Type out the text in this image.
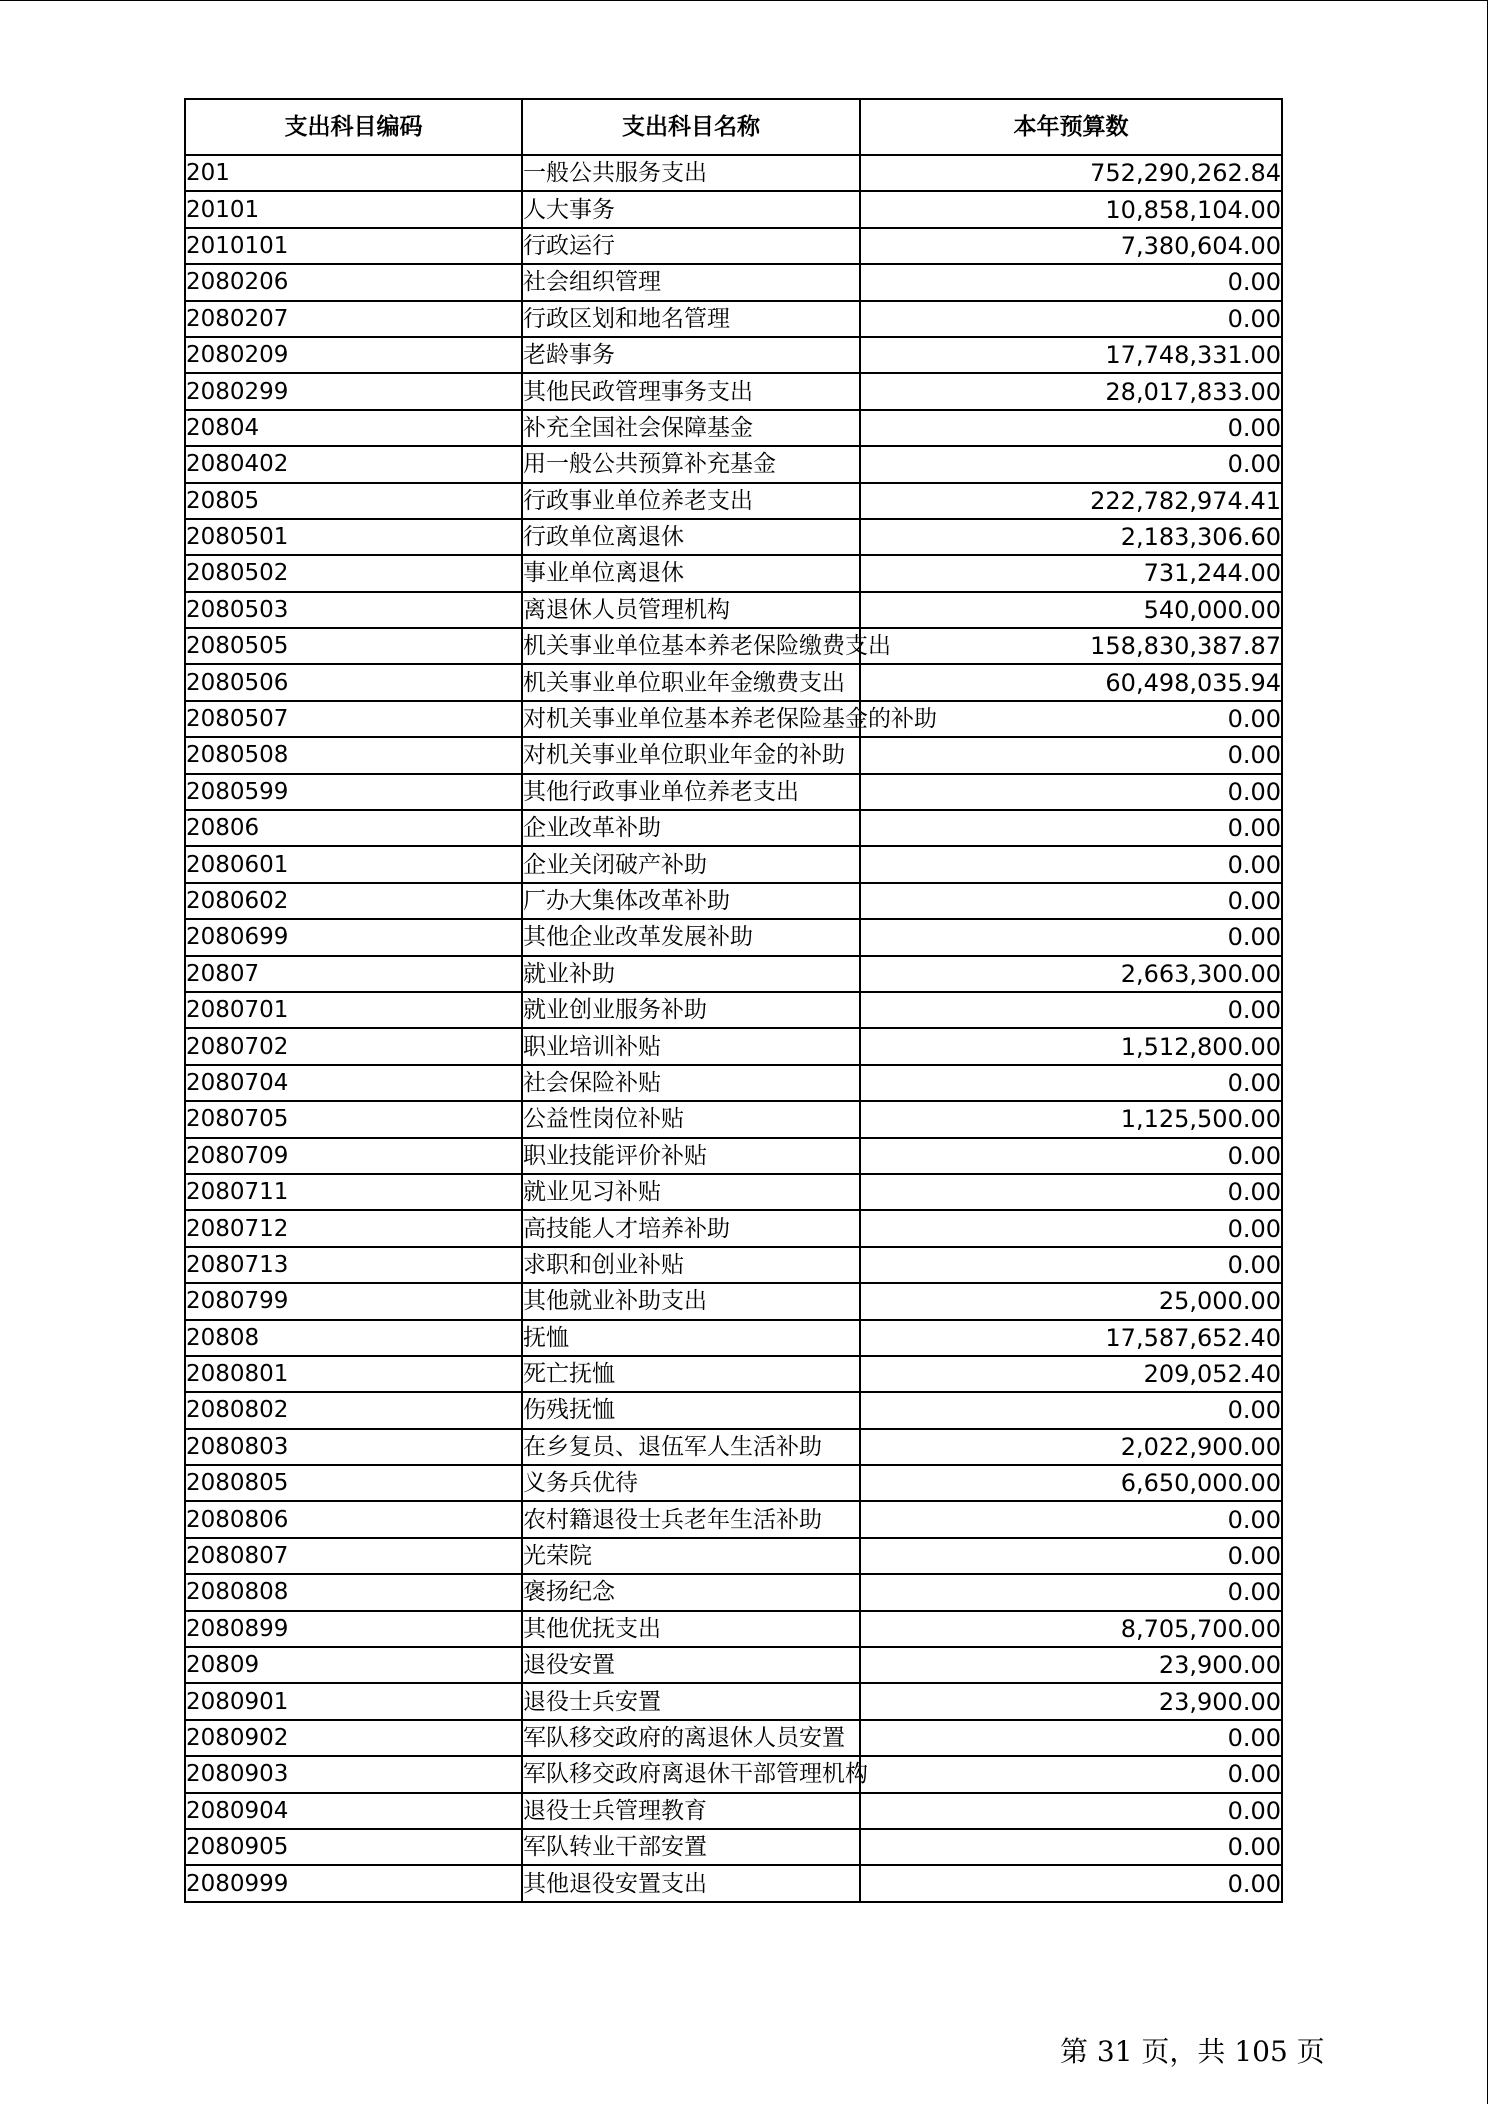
支出科目编码	支出科目名称	本年预算数
201	一般公共服务支出	752,290,262.84
20101	人大事务	10,858,104.00
2010101	行政运行	7,380,604.00
2080206	社会组织管理	0.00
2080207	行政区划和地名管理	0.00
2080209	老龄事务	17,748,331.00
2080299	其他民政管理事务支出	28,017,833.00
20804	补充全国社会保障基金	0.00
2080402	用一般公共预算补充基金	0.00
20805	行政事业单位养老支出	222,782,974.41
2080501	行政单位离退休	2,183,306.60
2080502	事业单位离退休	731,244.00
2080503	离退休人员管理机构	540,000.00
2080505	机关事业单位基本养老保险缴费支出	158,830,387.87
2080506	机关事业单位职业年金缴费支出	60,498,035.94
2080507	对机关事业单位基本养老保险基金的补助	0.00
2080508	对机关事业单位职业年金的补助	0.00
2080599	其他行政事业单位养老支出	0.00
20806	企业改革补助	0.00
2080601	企业关闭破产补助	0.00
2080602	厂办大集体改革补助	0.00
2080699	其他企业改革发展补助	0.00
20807	就业补助	2,663,300.00
2080701	就业创业服务补助	0.00
2080702	职业培训补贴	1,512,800.00
2080704	社会保险补贴	0.00
2080705	公益性岗位补贴	1,125,500.00
2080709	职业技能评价补贴	0.00
2080711	就业见习补贴	0.00
2080712	高技能人才培养补助	0.00
2080713	求职和创业补贴	0.00
2080799	其他就业补助支出	25,000.00
20808	抚恤	17,587,652.40
2080801	死亡抚恤	209,052.40
2080802	伤残抚恤	0.00
2080803	在乡复员、退伍军人生活补助	2,022,900.00
2080805	义务兵优待	6,650,000.00
2080806	农村籍退役士兵老年生活补助	0.00
2080807	光荣院	0.00
2080808	褒扬纪念	0.00
2080899	其他优抚支出	8,705,700.00
20809	退役安置	23,900.00
2080901	退役士兵安置	23,900.00
2080902	军队移交政府的离退休人员安置	0.00
2080903	军队移交政府离退休干部管理机构	0.00
2080904	退役士兵管理教育	0.00
2080905	军队转业干部安置	0.00
2080999	其他退役安置支出	0.00
第 31 页，共 105 页
